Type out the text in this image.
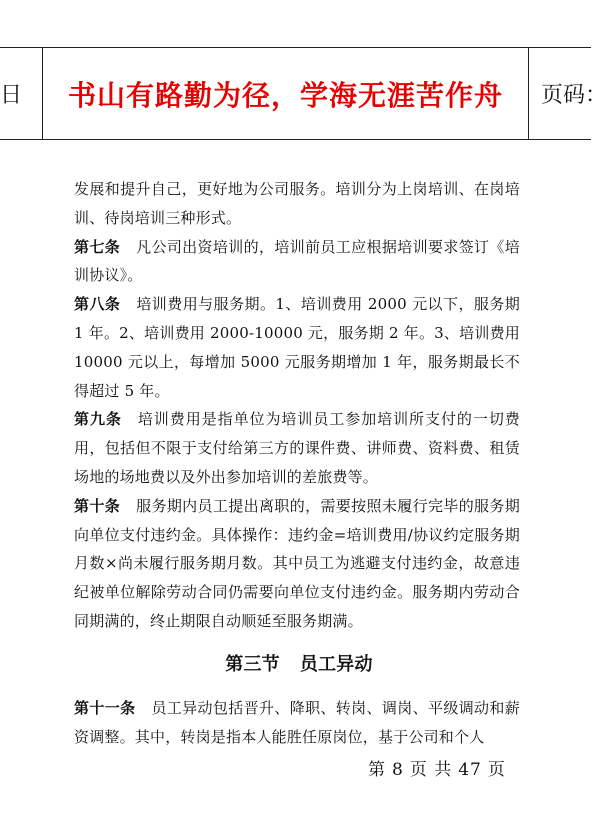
日	书山有路勤为径，学海无涯苦作舟	页码：

发展和提升自己，更好地为公司服务。培训分为上岗培训、在岗培训、待岗培训三种形式。

第七条 凡公司出资培训的，培训前员工应根据培训要求签订《培训协议》。

第八条 培训费用与服务期。1、培训费用 2000 元以下，服务期 1 年。2、培训费用 2000-10000 元，服务期 2 年。3、培训费用 10000 元以上，每增加 5000 元服务期增加 1 年，服务期最长不得超过 5 年。

第九条 培训费用是指单位为培训员工参加培训所支付的一切费用，包括但不限于支付给第三方的课件费、讲师费、资料费、租赁场地的场地费以及外出参加培训的差旅费等。

第十条 服务期内员工提出离职的，需要按照未履行完毕的服务期向单位支付违约金。具体操作：违约金=培训费用/协议约定服务期月数×尚未履行服务期月数。其中员工为逃避支付违约金，故意违纪被单位解除劳动合同仍需要向单位支付违约金。服务期内劳动合同期满的，终止期限自动顺延至服务期满。

第三节 员工异动

第十一条 员工异动包括晋升、降职、转岗、调岗、平级调动和薪资调整。其中，转岗是指本人能胜任原岗位，基于公司和个人

第 8 页 共 47 页
